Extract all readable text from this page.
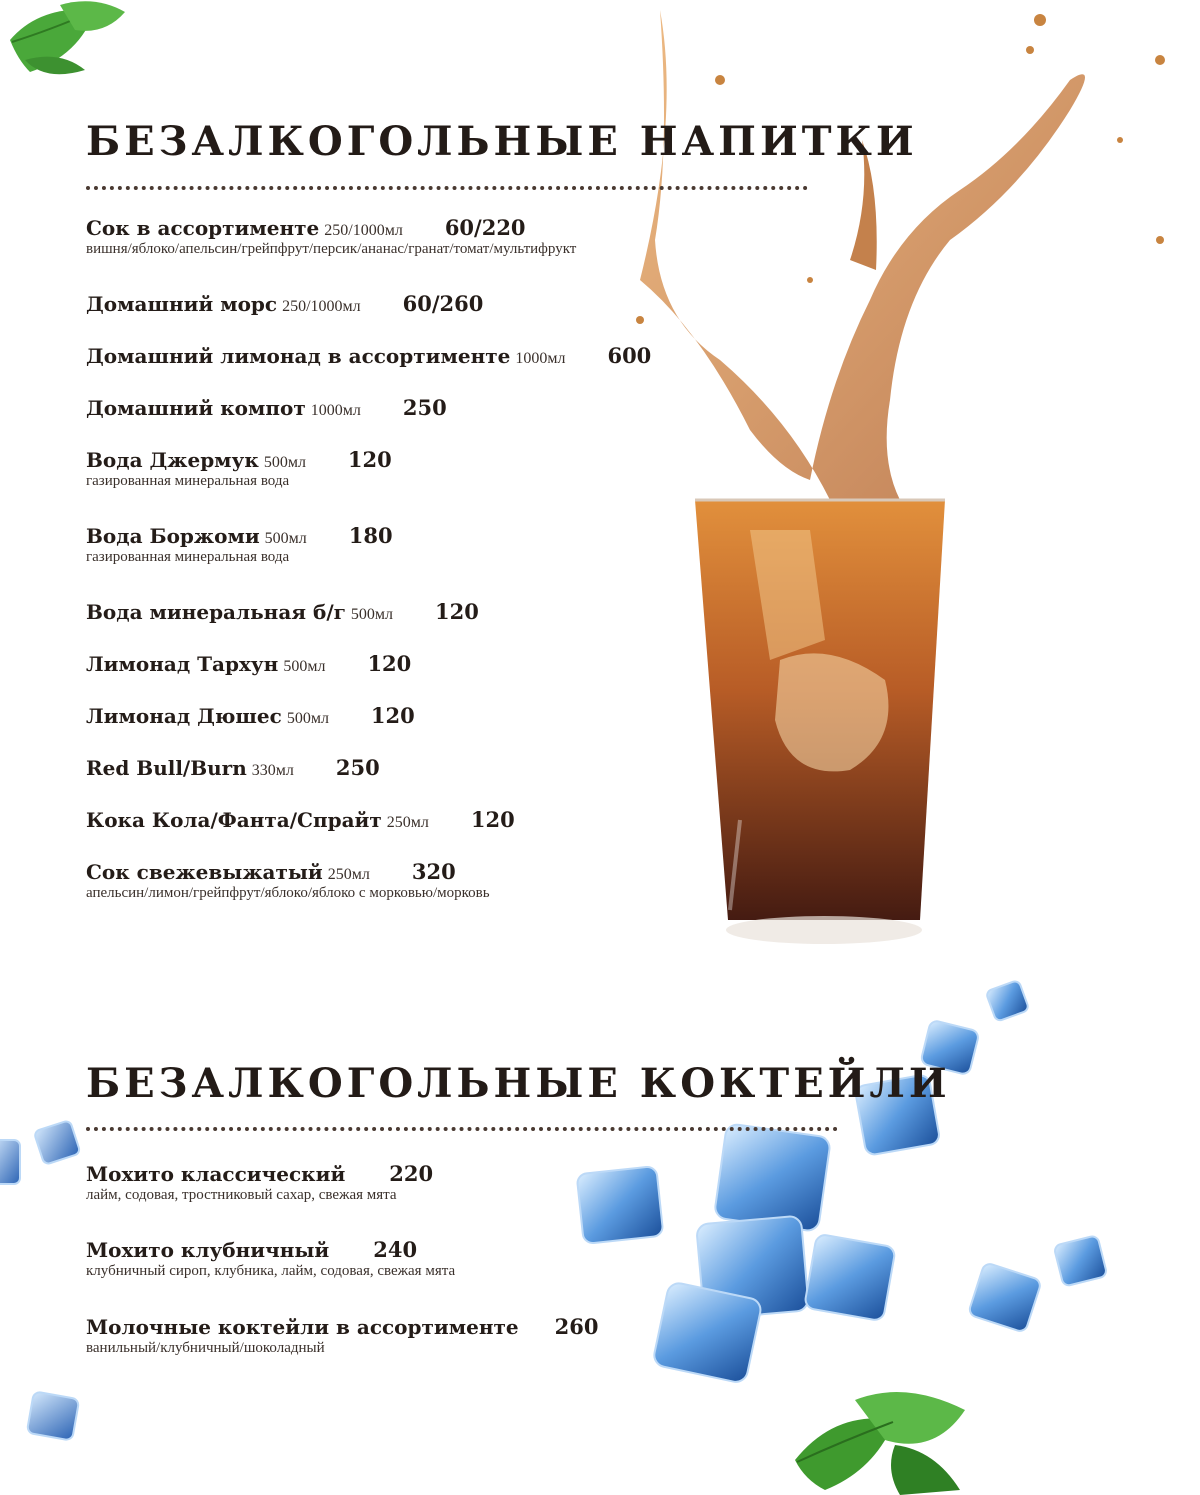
БЕЗАЛКОГОЛЬНЫЕ НАПИТКИ
Сок в ассортименте 250/1000мл 60/220
вишня/яблоко/апельсин/грейпфрут/персик/ананас/гранат/томат/мультифрукт
Домашний морс 250/1000мл 60/260
Домашний лимонад в ассортименте 1000мл 600
Домашний компот 1000мл 250
Вода Джермук 500мл 120
газированная минеральная вода
Вода Боржоми 500мл 180
газированная минеральная вода
Вода минеральная б/г 500мл 120
Лимонад Тархун 500мл 120
Лимонад Дюшес 500мл 120
Red Bull/Burn 330мл 250
Кока Кола/Фанта/Спрайт 250мл 120
Сок свежевыжатый 250мл 320
апельсин/лимон/грейпфрут/яблоко/яблоко с морковью/морковь
БЕЗАЛКОГОЛЬНЫЕ КОКТЕЙЛИ
Мохито классический 220
лайм, содовая, тростниковый сахар, свежая мята
Мохито клубничный 240
клубничный сироп, клубника, лайм, содовая, свежая мята
Молочные коктейли в ассортименте 260
ванильный/клубничный/шоколадный
